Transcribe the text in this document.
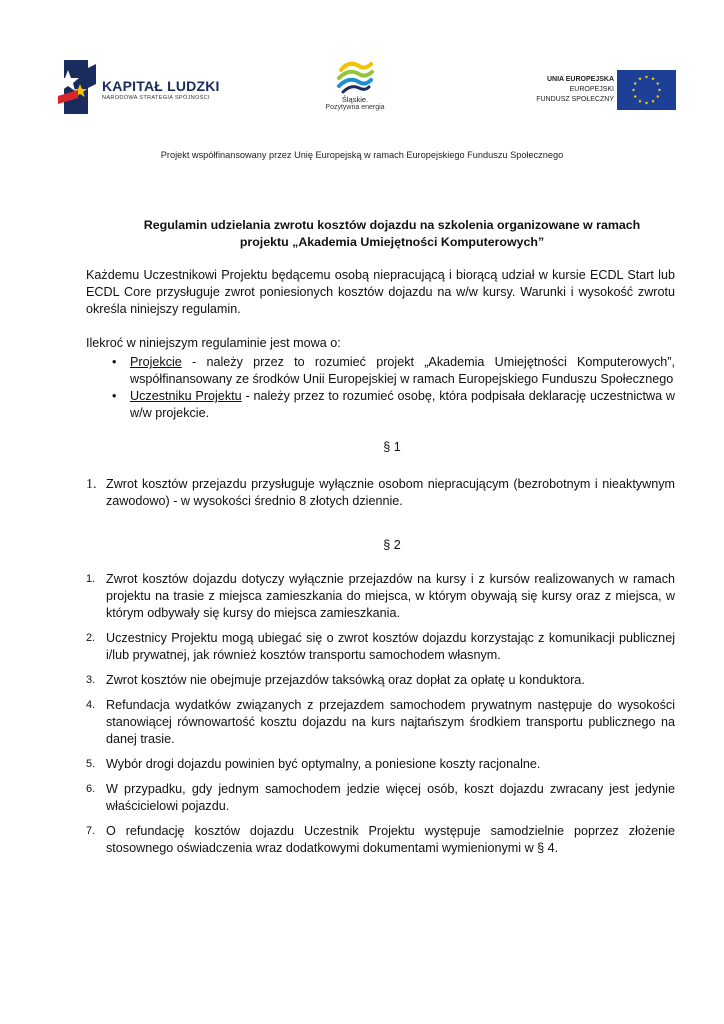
KAPITAŁ LUDZKI
NARODOWA STRATEGIA SPÓJNOŚCI	Śląskie.
Pozytywna energia
UNIA EUROPEJSKA
EUROPEJSKI
FUNDUSZ SPOŁECZNY
Projekt współfinansowany przez Unię Europejską w ramach Europejskiego Funduszu Społecznego
Regulamin udzielania zwrotu kosztów dojazdu na szkolenia organizowane w ramach
projektu „Akademia Umiejętności Komputerowych”
Każdemu Uczestnikowi Projektu będącemu osobą niepracującą i biorącą udział w kursie ECDL Start lub ECDL Core przysługuje zwrot poniesionych kosztów dojazdu na w/w kursy. Warunki i wysokość zwrotu określa niniejszy regulamin.
Ilekroć w niniejszym regulaminie jest mowa o:
• Projekcie - należy przez to rozumieć projekt „Akademia Umiejętności Komputerowych”, współfinansowany ze środków Unii Europejskiej w ramach Europejskiego Funduszu Społecznego
• Uczestniku Projektu - należy przez to rozumieć osobę, która podpisała deklarację uczestnictwa w w/w projekcie.
§ 1
1. Zwrot kosztów przejazdu przysługuje wyłącznie osobom niepracującym (bezrobotnym i nieaktywnym zawodowo) - w wysokości średnio 8 złotych dziennie.
§ 2
1. Zwrot kosztów dojazdu dotyczy wyłącznie przejazdów na kursy i z kursów realizowanych w ramach projektu na trasie z miejsca zamieszkania do miejsca, w którym obywają się kursy oraz z miejsca, w którym odbywały się kursy do miejsca zamieszkania.
2. Uczestnicy Projektu mogą ubiegać się o zwrot kosztów dojazdu korzystając z komunikacji publicznej i/lub prywatnej, jak również kosztów transportu samochodem własnym.
3. Zwrot kosztów nie obejmuje przejazdów taksówką oraz dopłat za opłatę u konduktora.
4. Refundacja wydatków związanych z przejazdem samochodem prywatnym następuje do wysokości stanowiącej równowartość kosztu dojazdu na kurs najtańszym środkiem transportu publicznego na danej trasie.
5. Wybór drogi dojazdu powinien być optymalny, a poniesione koszty racjonalne.
6. W przypadku, gdy jednym samochodem jedzie więcej osób, koszt dojazdu zwracany jest jedynie właścicielowi pojazdu.
7. O refundację kosztów dojazdu Uczestnik Projektu występuje samodzielnie poprzez złożenie stosownego oświadczenia wraz dodatkowymi dokumentami wymienionymi w § 4.
